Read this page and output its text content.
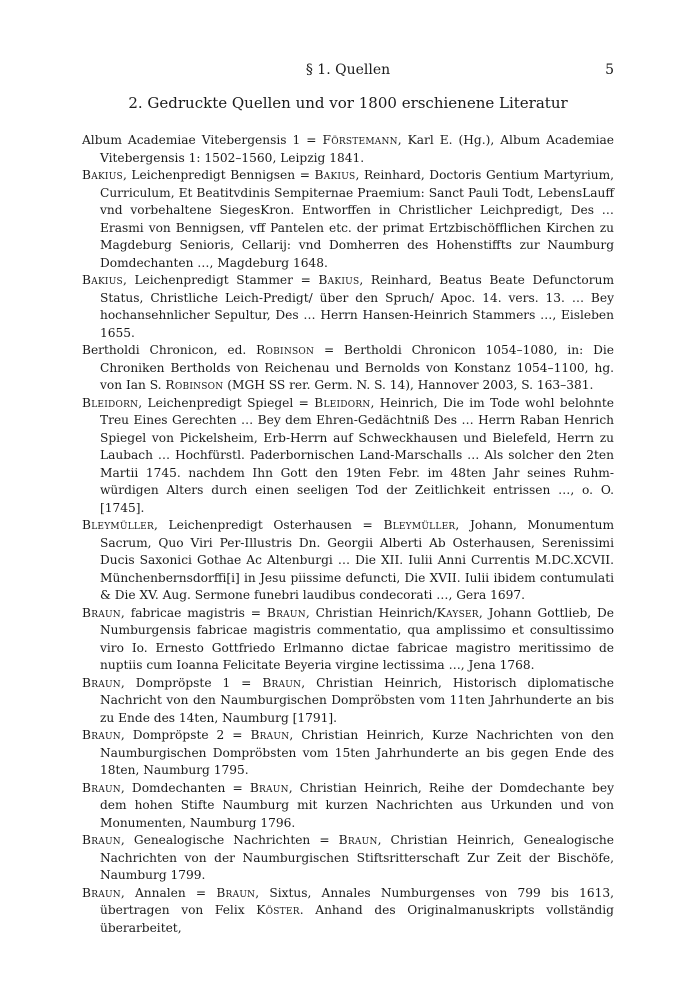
§ 1. Quellen	5
2. Gedruckte Quellen und vor 1800 erschienene Literatur

Album Academiae Vitebergensis 1 = Förstemann, Karl E. (Hg.), Album Academiae Vitebergensis 1: 1502–1560, Leipzig 1841.

Bakius, Leichenpredigt Bennigsen = Bakius, Reinhard, Doctoris Gentium Martyrium, Curriculum, Et Beatitvdinis Sempiternae Praemium: Sanct Pauli Todt, LebensLauff vnd vorbehaltene SiegesKron. Entworffen in Christlicher Leichpredigt, Des … Erasmi von Bennigsen, vff Pantelen etc. der primat Ertzbischöfflichen Kirchen zu Magdeburg Senioris, Cellarij: vnd Domherren des Hohenstiffts zur Naumburg Domdechanten …, Magdeburg 1648.

Bakius, Leichenpredigt Stammer = Bakius, Reinhard, Beatus Beate Defunctorum Status, Christliche Leich-Predigt/ über den Spruch/ Apoc. 14. vers. 13. … Bey hochansehnlicher Sepultur, Des … Herrn Hansen-Heinrich Stammers …, Eisleben 1655.

Bertholdi Chronicon, ed. Robinson = Bertholdi Chronicon 1054–1080, in: Die Chroniken Bertholds von Reichenau und Bernolds von Konstanz 1054–1100, hg. von Ian S. Robinson (MGH SS rer. Germ. N. S. 14), Hannover 2003, S. 163–381.

Bleidorn, Leichenpredigt Spiegel = Bleidorn, Heinrich, Die im Tode wohl belohnte Treu Eines Gerechten … Bey dem Ehren-Gedächtniß Des … Herrn Raban Henrich Spiegel von Pickelsheim, Erb-Herrn auf Schweckhausen und Bielefeld, Herrn zu Laubach … Hochfürstl. Paderbornischen Land-Marschalls … Als solcher den 2ten Martii 1745. nachdem Ihn Gott den 19ten Febr. im 48ten Jahr seines Ruhm-würdigen Alters durch einen seeligen Tod der Zeitlichkeit entrissen …, o. O. [1745].

Bleymüller, Leichenpredigt Osterhausen = Bleymüller, Johann, Monumentum Sacrum, Quo Viri Per-Illustris Dn. Georgii Alberti Ab Osterhausen, Serenissimi Ducis Saxonici Gothae Ac Altenburgi … Die XII. Iulii Anni Currentis M.DC.XCVII. Münchenbernsdorffi[i] in Jesu piissime defuncti, Die XVII. Iulii ibidem contumulati & Die XV. Aug. Sermone funebri laudibus condecorati …, Gera 1697.

Braun, fabricae magistris = Braun, Christian Heinrich/Kayser, Johann Gottlieb, De Numburgensis fabricae magistris commentatio, qua amplissimo et consultissimo viro Io. Ernesto Gottfriedo Erlmanno dictae fabricae magistro meritissimo de nuptiis cum Ioanna Felicitate Beyeria virgine lectissima …, Jena 1768.

Braun, Dompröpste 1 = Braun, Christian Heinrich, Historisch diplomatische Nachricht von den Naumburgischen Domprӧbsten vom 11ten Jahrhunderte an bis zu Ende des 14ten, Naumburg [1791].

Braun, Dompröpste 2 = Braun, Christian Heinrich, Kurze Nachrichten von den Naumburgischen Domprӧbsten vom 15ten Jahrhunderte an bis gegen Ende des 18ten, Naumburg 1795.

Braun, Domdechanten = Braun, Christian Heinrich, Reihe der Domdechante bey dem hohen Stifte Naumburg mit kurzen Nachrichten aus Urkunden und von Monumenten, Naumburg 1796.

Braun, Genealogische Nachrichten = Braun, Christian Heinrich, Genealogische Nachrichten von der Naumburgischen Stiftsritterschaft Zur Zeit der Bischöfe, Naumburg 1799.

Braun, Annalen = Braun, Sixtus, Annales Numburgenses von 799 bis 1613, übertragen von Felix Köster. Anhand des Originalmanuskripts vollständig überarbeitet,
